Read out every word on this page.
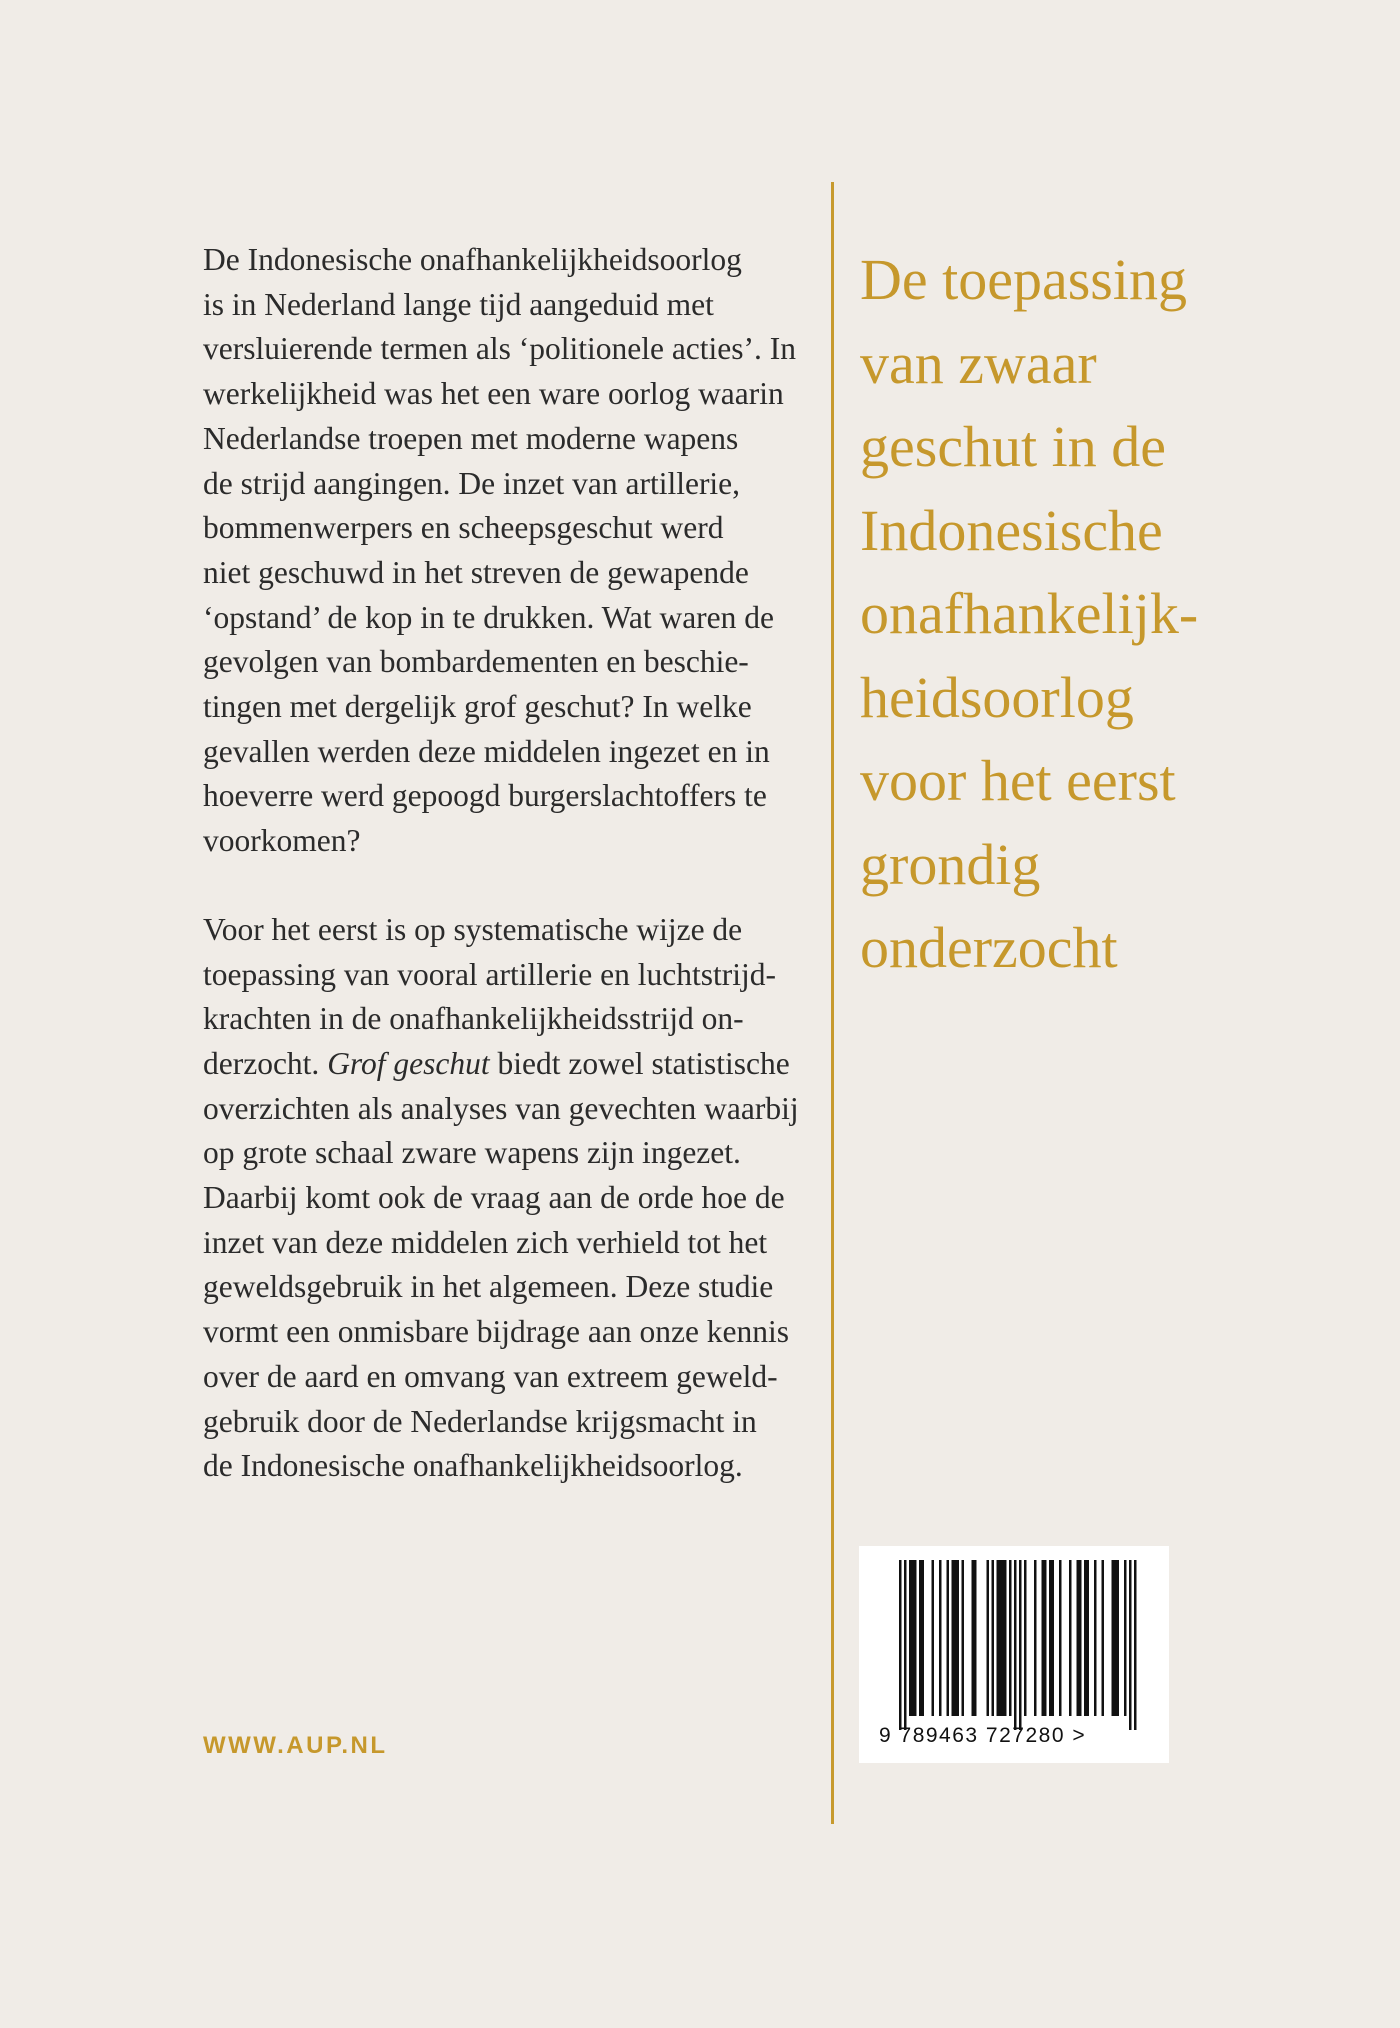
De Indonesische onafhankelijkheidsoorlog
is in Nederland lange tijd aangeduid met
versluierende termen als ‘politionele acties’. In
werkelijkheid was het een ware oorlog waarin
Nederlandse troepen met moderne wapens
de strijd aangingen. De inzet van artillerie,
bommenwerpers en scheepsgeschut werd
niet geschuwd in het streven de gewapende
‘opstand’ de kop in te drukken. Wat waren de
gevolgen van bombardementen en beschie-
tingen met dergelijk grof geschut? In welke
gevallen werden deze middelen ingezet en in
hoeverre werd gepoogd burgerslachtoffers te
voorkomen?

Voor het eerst is op systematische wijze de
toepassing van vooral artillerie en luchtstrijd-
krachten in de onafhankelijkheidsstrijd on-
derzocht. Grof geschut biedt zowel statistische
overzichten als analyses van gevechten waarbij
op grote schaal zware wapens zijn ingezet.
Daarbij komt ook de vraag aan de orde hoe de
inzet van deze middelen zich verhield tot het
geweldsgebruik in het algemeen. Deze studie
vormt een onmisbare bijdrage aan onze kennis
over de aard en omvang van extreem geweld-
gebruik door de Nederlandse krijgsmacht in
de Indonesische onafhankelijkheidsoorlog.

De toepassing
van zwaar
geschut in de
Indonesische
onafhankelijk-
heidsoorlog
voor het eerst
grondig
onderzocht
WWW.AUP.NL	9 789463 727280 >
